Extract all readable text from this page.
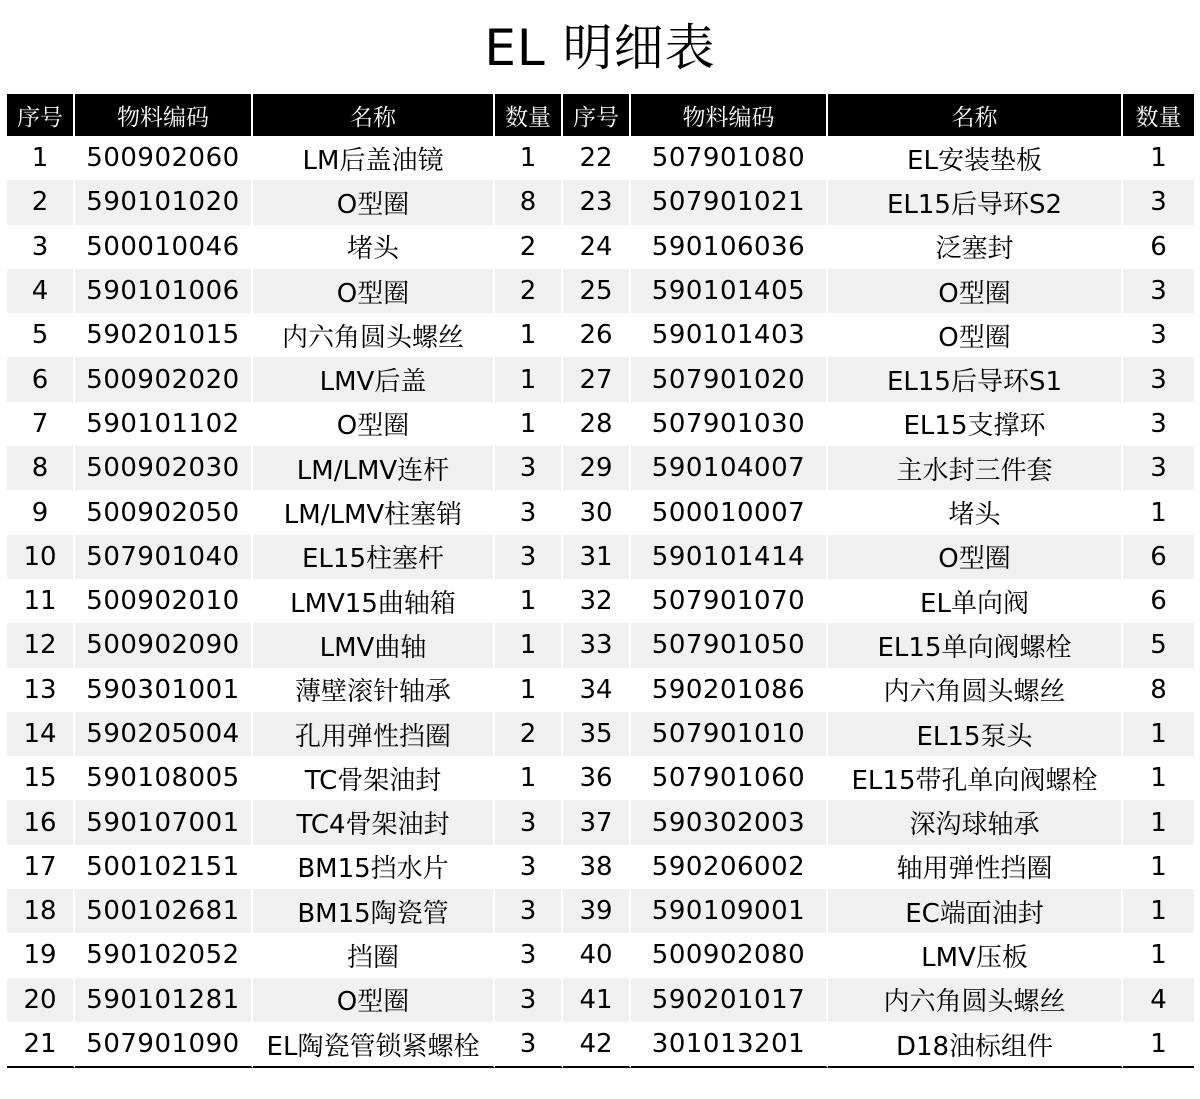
EL 明细表
序号	物料编码	名称	数量	序号	物料编码	名称	数量
1	500902060	LM后盖油镜	1	22	507901080	EL安装垫板	1
2	590101020	O型圈	8	23	507901021	EL15后导环S2	3
3	500010046	堵头	2	24	590106036	泛塞封	6
4	590101006	O型圈	2	25	590101405	O型圈	3
5	590201015	内六角圆头螺丝	1	26	590101403	O型圈	3
6	500902020	LMV后盖	1	27	507901020	EL15后导环S1	3
7	590101102	O型圈	1	28	507901030	EL15支撑环	3
8	500902030	LM/LMV连杆	3	29	590104007	主水封三件套	3
9	500902050	LM/LMV柱塞销	3	30	500010007	堵头	1
10	507901040	EL15柱塞杆	3	31	590101414	O型圈	6
11	500902010	LMV15曲轴箱	1	32	507901070	EL单向阀	6
12	500902090	LMV曲轴	1	33	507901050	EL15单向阀螺栓	5
13	590301001	薄壁滚针轴承	1	34	590201086	内六角圆头螺丝	8
14	590205004	孔用弹性挡圈	2	35	507901010	EL15泵头	1
15	590108005	TC骨架油封	1	36	507901060	EL15带孔单向阀螺栓	1
16	590107001	TC4骨架油封	3	37	590302003	深沟球轴承	1
17	500102151	BM15挡水片	3	38	590206002	轴用弹性挡圈	1
18	500102681	BM15陶瓷管	3	39	590109001	EC端面油封	1
19	590102052	挡圈	3	40	500902080	LMV压板	1
20	590101281	O型圈	3	41	590201017	内六角圆头螺丝	4
21	507901090	EL陶瓷管锁紧螺栓	3	42	301013201	D18油标组件	1
